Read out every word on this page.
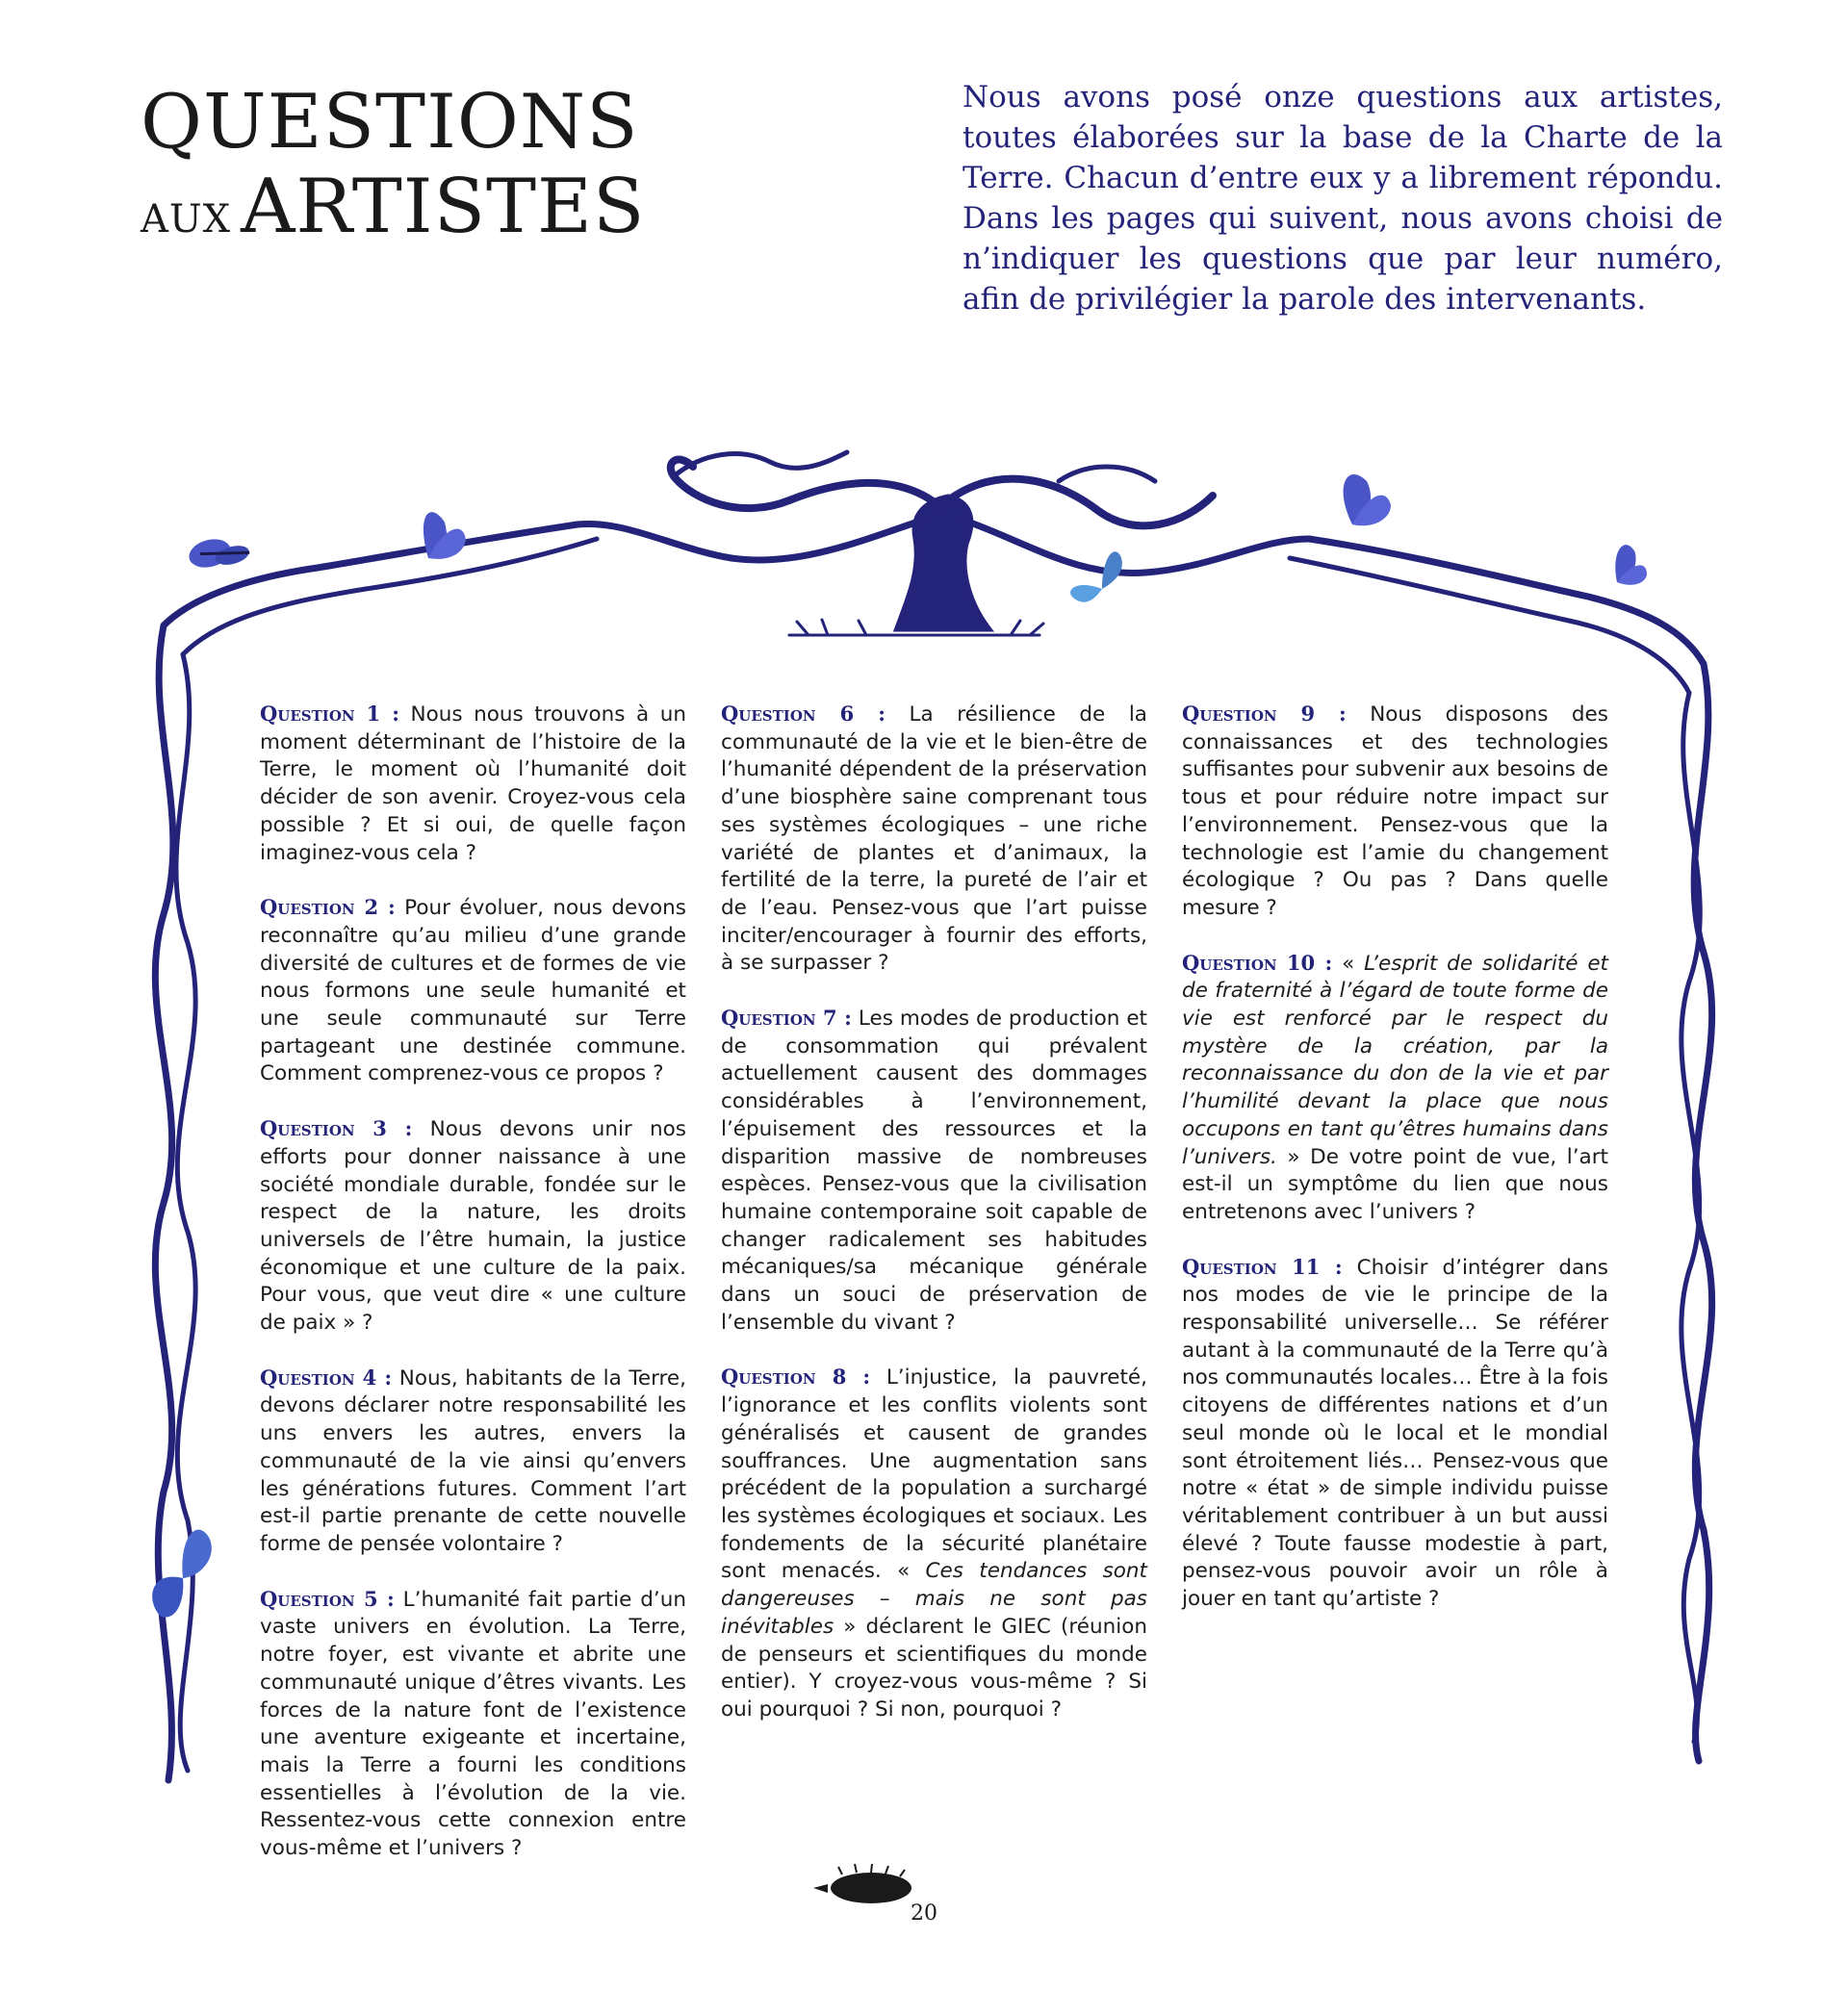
QUESTIONS
AUX ARTISTES
Nous avons posé onze questions aux artistes, toutes élaborées sur la base de la Charte de la Terre. Chacun d’entre eux y a librement répondu. Dans les pages qui suivent, nous avons choisi de n’indiquer les questions que par leur numéro, afin de privilégier la parole des intervenants.

Question 1 : Nous nous trouvons à un moment déterminant de l’histoire de la Terre, le moment où l’humanité doit décider de son avenir. Croyez-vous cela possible ? Et si oui, de quelle façon imaginez-vous cela ?

Question 2 : Pour évoluer, nous devons reconnaître qu’au milieu d’une grande diversité de cultures et de formes de vie nous formons une seule humanité et une seule communauté sur Terre partageant une destinée commune. Comment comprenez-vous ce propos ?

Question 3 : Nous devons unir nos efforts pour donner naissance à une société mondiale durable, fondée sur le respect de la nature, les droits universels de l’être humain, la justice économique et une culture de la paix. Pour vous, que veut dire « une culture de paix » ?

Question 4 : Nous, habitants de la Terre, devons déclarer notre responsabilité les uns envers les autres, envers la communauté de la vie ainsi qu’envers les générations futures. Comment l’art est-il partie prenante de cette nouvelle forme de pensée volontaire ?

Question 5 : L’humanité fait partie d’un vaste univers en évolution. La Terre, notre foyer, est vivante et abrite une communauté unique d’êtres vivants. Les forces de la nature font de l’existence une aventure exigeante et incertaine, mais la Terre a fourni les conditions essentielles à l’évolution de la vie. Ressentez-vous cette connexion entre vous-même et l’univers ?

Question 6 : La résilience de la communauté de la vie et le bien-être de l’humanité dépendent de la préservation d’une biosphère saine comprenant tous ses systèmes écologiques – une riche variété de plantes et d’animaux, la fertilité de la terre, la pureté de l’air et de l’eau. Pensez-vous que l’art puisse inciter/encourager à fournir des efforts, à se surpasser ?

Question 7 : Les modes de production et de consommation qui prévalent actuellement causent des dommages considérables à l’environnement, l’épuisement des ressources et la disparition massive de nombreuses espèces. Pensez-vous que la civilisation humaine contemporaine soit capable de changer radicalement ses habitudes mécaniques/sa mécanique générale dans un souci de préservation de l’ensemble du vivant ?

Question 8 : L’injustice, la pauvreté, l’ignorance et les conflits violents sont généralisés et causent de grandes souffrances. Une augmentation sans précédent de la population a surchargé les systèmes écologiques et sociaux. Les fondements de la sécurité planétaire sont menacés. « Ces tendances sont dangereuses – mais ne sont pas inévitables » déclarent le GIEC (réunion de penseurs et scientifiques du monde entier). Y croyez-vous vous-même ? Si oui pourquoi ? Si non, pourquoi ?

Question 9 : Nous disposons des connaissances et des technologies suffisantes pour subvenir aux besoins de tous et pour réduire notre impact sur l’environnement. Pensez-vous que la technologie est l’amie du changement écologique ? Ou pas ? Dans quelle mesure ?

Question 10 : « L’esprit de solidarité et de fraternité à l’égard de toute forme de vie est renforcé par le respect du mystère de la création, par la reconnaissance du don de la vie et par l’humilité devant la place que nous occupons en tant qu’êtres humains dans l’univers. » De votre point de vue, l’art est-il un symptôme du lien que nous entretenons avec l’univers ?

Question 11 : Choisir d’intégrer dans nos modes de vie le principe de la responsabilité universelle… Se référer autant à la communauté de la Terre qu’à nos communautés locales… Être à la fois citoyens de différentes nations et d’un seul monde où le local et le mondial sont étroitement liés… Pensez-vous que notre « état » de simple individu puisse véritablement contribuer à un but aussi élevé ? Toute fausse modestie à part, pensez-vous pouvoir avoir un rôle à jouer en tant qu’artiste ?

20
